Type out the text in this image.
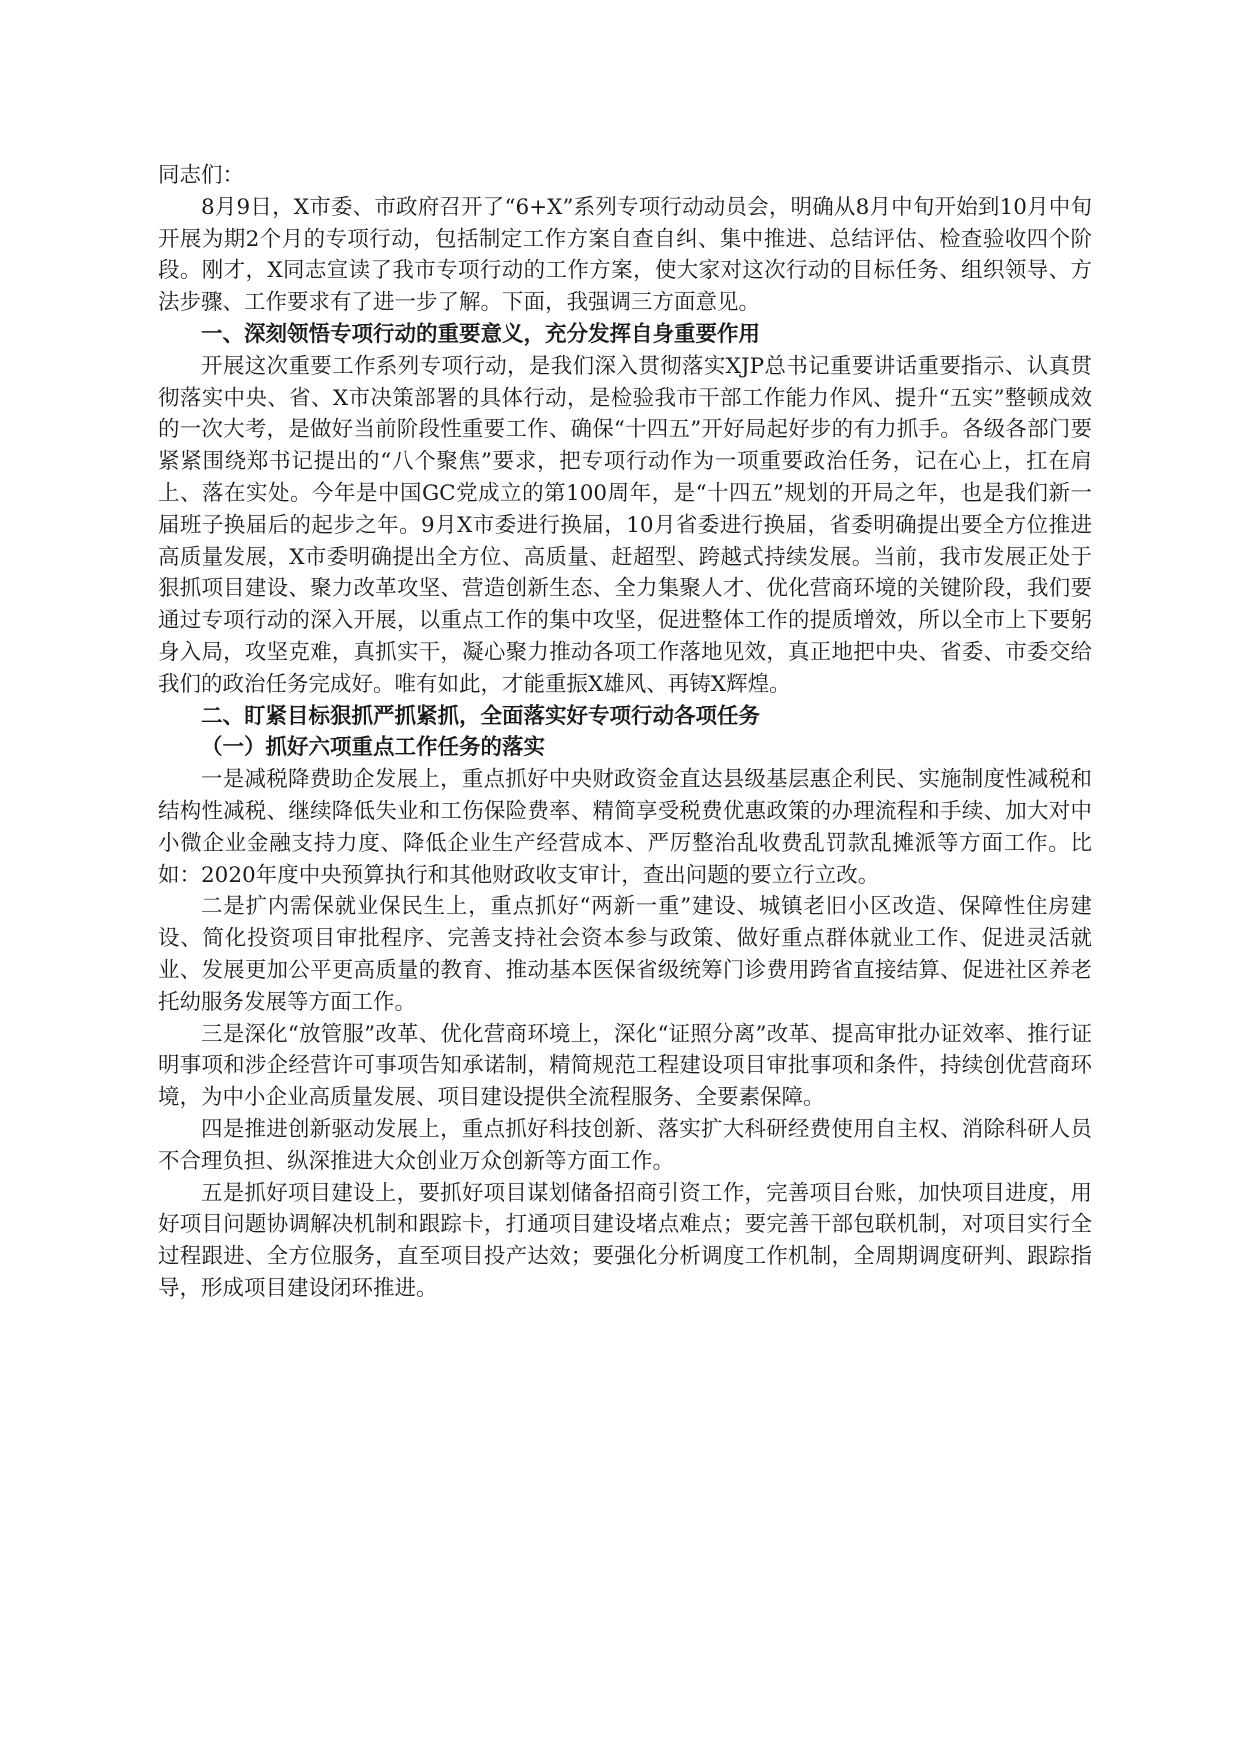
同志们：

8月9日，X市委、市政府召开了“6+X”系列专项行动动员会，明确从8月中旬开始到10月中旬开展为期2个月的专项行动，包括制定工作方案自查自纠、集中推进、总结评估、检查验收四个阶段。刚才，X同志宣读了我市专项行动的工作方案，使大家对这次行动的目标任务、组织领导、方法步骤、工作要求有了进一步了解。下面，我强调三方面意见。

一、深刻领悟专项行动的重要意义，充分发挥自身重要作用

开展这次重要工作系列专项行动，是我们深入贯彻落实XJP总书记重要讲话重要指示、认真贯彻落实中央、省、X市决策部署的具体行动，是检验我市干部工作能力作风、提升“五实”整顿成效的一次大考，是做好当前阶段性重要工作、确保“十四五”开好局起好步的有力抓手。各级各部门要紧紧围绕郑书记提出的“八个聚焦”要求，把专项行动作为一项重要政治任务，记在心上，扛在肩上、落在实处。今年是中国GC党成立的第100周年，是“十四五”规划的开局之年，也是我们新一届班子换届后的起步之年。9月X市委进行换届，10月省委进行换届，省委明确提出要全方位推进高质量发展，X市委明确提出全方位、高质量、赶超型、跨越式持续发展。当前，我市发展正处于狠抓项目建设、聚力改革攻坚、营造创新生态、全力集聚人才、优化营商环境的关键阶段，我们要通过专项行动的深入开展，以重点工作的集中攻坚，促进整体工作的提质增效，所以全市上下要躬身入局，攻坚克难，真抓实干，凝心聚力推动各项工作落地见效，真正地把中央、省委、市委交给我们的政治任务完成好。唯有如此，才能重振X雄风、再铸X辉煌。

二、盯紧目标狠抓严抓紧抓，全面落实好专项行动各项任务

（一）抓好六项重点工作任务的落实

一是减税降费助企发展上，重点抓好中央财政资金直达县级基层惠企利民、实施制度性减税和结构性减税、继续降低失业和工伤保险费率、精简享受税费优惠政策的办理流程和手续、加大对中小微企业金融支持力度、降低企业生产经营成本、严厉整治乱收费乱罚款乱摊派等方面工作。比如：2020年度中央预算执行和其他财政收支审计，查出问题的要立行立改。

二是扩内需保就业保民生上，重点抓好“两新一重”建设、城镇老旧小区改造、保障性住房建设、简化投资项目审批程序、完善支持社会资本参与政策、做好重点群体就业工作、促进灵活就业、发展更加公平更高质量的教育、推动基本医保省级统筹门诊费用跨省直接结算、促进社区养老托幼服务发展等方面工作。

三是深化“放管服”改革、优化营商环境上，深化“证照分离”改革、提高审批办证效率、推行证明事项和涉企经营许可事项告知承诺制，精简规范工程建设项目审批事项和条件，持续创优营商环境，为中小企业高质量发展、项目建设提供全流程服务、全要素保障。

四是推进创新驱动发展上，重点抓好科技创新、落实扩大科研经费使用自主权、消除科研人员不合理负担、纵深推进大众创业万众创新等方面工作。

五是抓好项目建设上，要抓好项目谋划储备招商引资工作，完善项目台账，加快项目进度，用好项目问题协调解决机制和跟踪卡，打通项目建设堵点难点；要完善干部包联机制，对项目实行全过程跟进、全方位服务，直至项目投产达效；要强化分析调度工作机制，全周期调度研判、跟踪指导，形成项目建设闭环推进。
